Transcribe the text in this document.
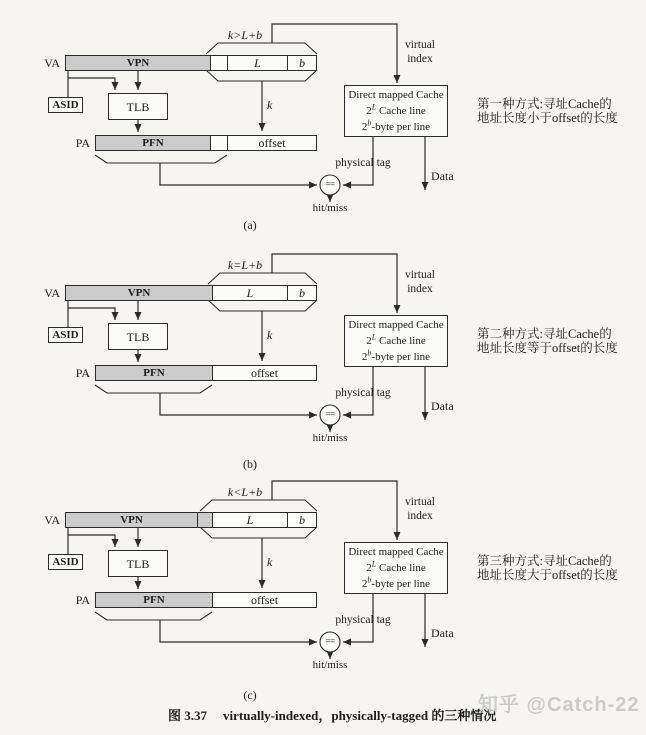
k>L+b
VA	VPN	L	b
virtual
index
k
ASID	TLB
PA	PFN	offset
Direct mapped Cache
$2^L$ Cache line
2$^b$-byte per line
第一种方式:寻址Cache的
地址长度小于offset的长度
physical tag
Data
==
hit/miss
(a)
k=L+b
VA	VPN	L	b
virtual
index
k
ASID	TLB
PA	PFN	offset
Direct mapped Cache
$2^L$ Cache line
2$^b$-byte per line
第二种方式:寻址Cache的
地址长度等于offset的长度
physical tag
Data
==
hit/miss
(b)
k<L+b
VA	VPN	L	b
virtual
index
k
ASID	TLB
PA	PFN	offset
Direct mapped Cache
$2^L$ Cache line
2$^b$-byte per line
第三种方式:寻址Cache的
地址长度大于offset的长度
physical tag
Data
==
hit/miss
(c)
图 3.37 virtually-indexed，physically-tagged 的三种情况
知乎 @Catch-22
